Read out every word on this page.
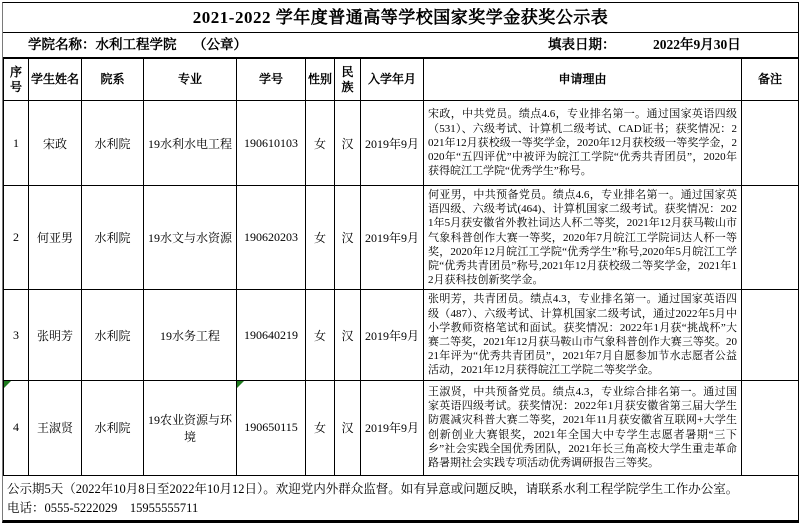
2021-2022 学年度普通高等学校国家奖学金获奖公示表
学院名称：水利工程学院 （公章）	填表日期：	2022年9月30日
序号	学生姓名	院系	专业	学号	性别	民族	入学年月	申请理由	备注
1	宋政	水利院	19水利水电工程	190610103	女	汉	2019年9月	宋政，中共党员。绩点4.6，专业排名第一。通过国家英语四级（531）、六级考试、计算机二级考试、CAD证书；获奖情况：2021年12月获校级一等奖学金，2020年12月获校级一等奖学金，2020年“五四评优”中被评为皖江工学院“优秀共青团员”，2020年获得皖江工学院“优秀学生”称号。	
2	何亚男	水利院	19水文与水资源	190620203	女	汉	2019年9月	何亚男，中共预备党员。绩点4.6，专业排名第一。通过国家英语四级、六级考试(464)、计算机国家二级考试。获奖情况：2021年5月获安徽省外教社词达人杯二等奖，2021年12月获马鞍山市气象科普创作大赛一等奖，2020年7月皖江工学院词达人杯一等奖，2020年12月皖江工学院“优秀学生”称号,2020年5月皖江工学院“优秀共青团员”称号,2021年12月获校级二等奖学金，2021年12月获科技创新奖学金。	
3	张明芳	水利院	19水务工程	190640219	女	汉	2019年9月	张明芳，共青团员。绩点4.3，专业排名第一。通过国家英语四级（487）、六级考试、计算机国家二级考试，通过2022年5月中小学教师资格笔试和面试。获奖情况：2022年1月获“挑战杯”大赛二等奖，2021年12月获马鞍山市气象科普创作大赛三等奖。2021年评为“优秀共青团员”，2021年7月自愿参加节水志愿者公益活动，2021年12月获得皖江工学院二等奖学金。	

4	王淑贤	水利院	19农业资源与环境	190650115	女	汉	2019年9月	王淑贤，中共预备党员。绩点4.3，专业综合排名第一。通过国家英语四级考试。获奖情况：2022年1月获安徽省第三届大学生防震减灾科普大赛二等奖，2021年11月获安徽省互联网+大学生创新创业大赛银奖，2021年全国大中专学生志愿者暑期“三下乡”社会实践全国优秀团队，2021年长三角高校大学生重走革命路暑期社会实践专项活动优秀调研报告三等奖。	
公示期5天（2022年10月8日至2022年10月12日）。欢迎党内外群众监督。如有异意或问题反映，请联系水利工程学院学生工作办公室。
电话：0555-5222029    15955555711
